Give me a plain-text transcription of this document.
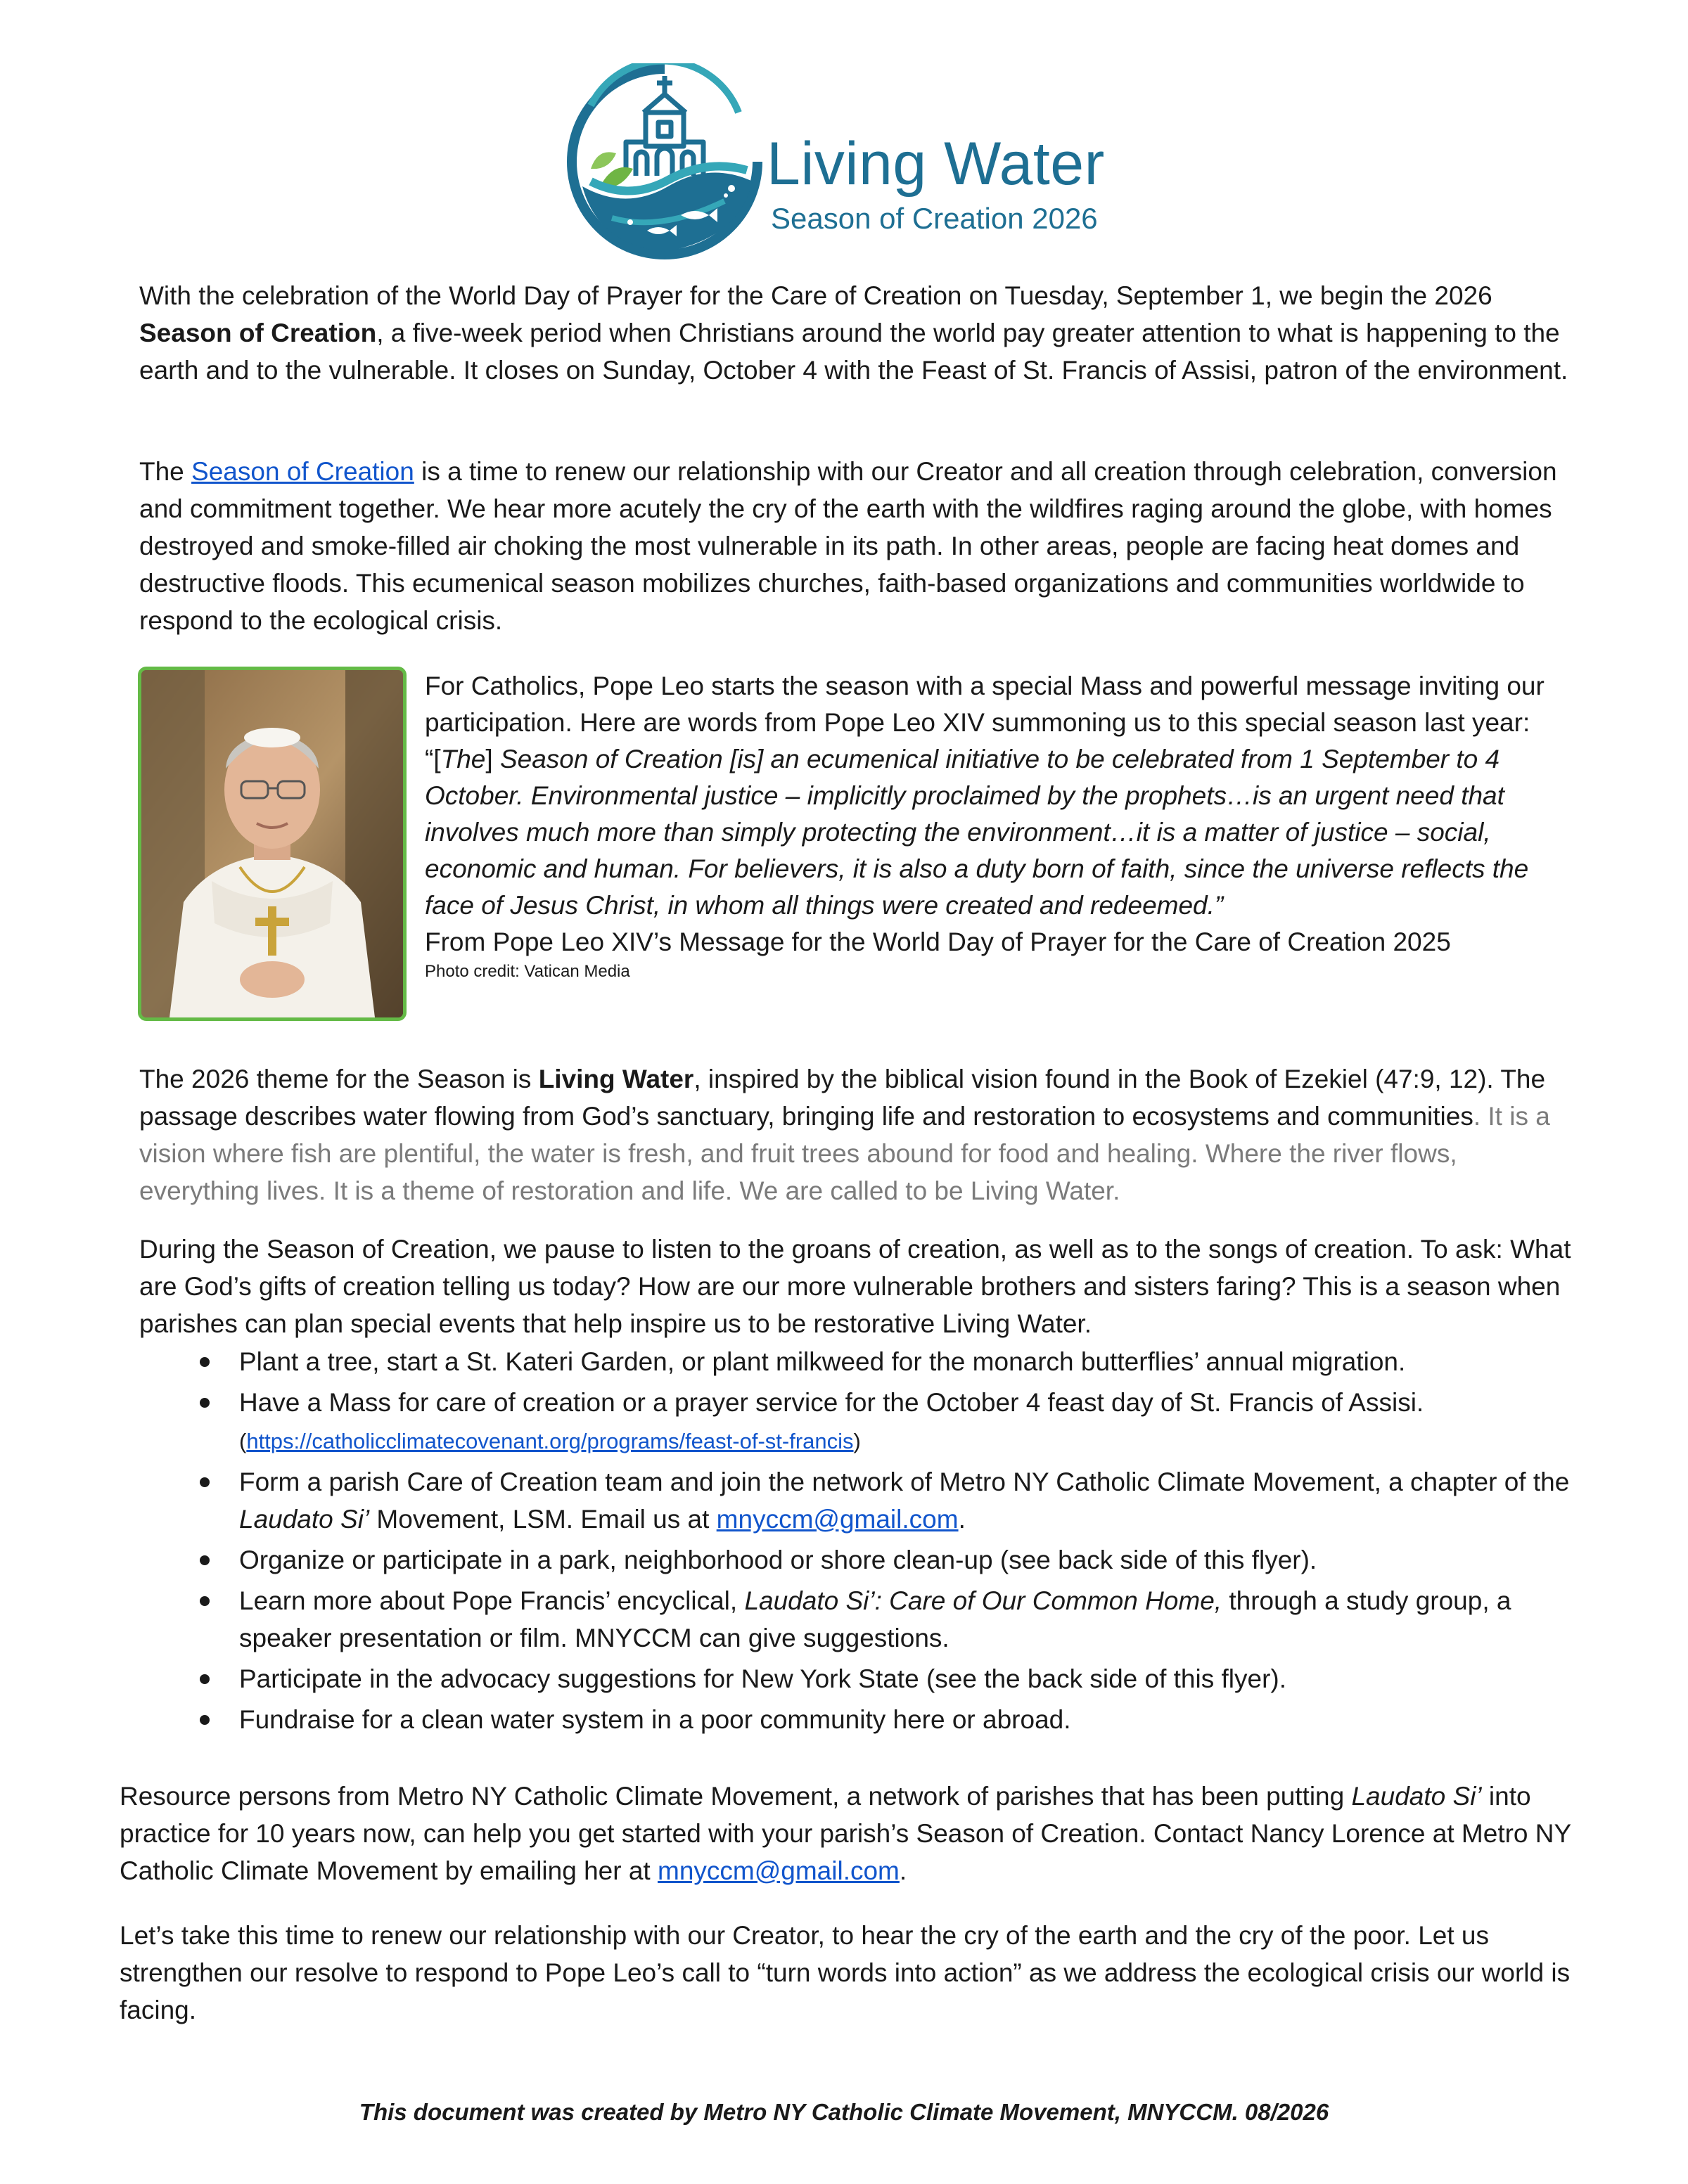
Living Water
Season of Creation 2026

With the celebration of the World Day of Prayer for the Care of Creation on Tuesday, September 1, we begin the 2026 Season of Creation, a five-week period when Christians around the world pay greater attention to what is happening to the earth and to the vulnerable. It closes on Sunday, October 4 with the Feast of St. Francis of Assisi, patron of the environment.

The Season of Creation is a time to renew our relationship with our Creator and all creation through celebration, conversion and commitment together. We hear more acutely the cry of the earth with the wildfires raging around the globe, with homes destroyed and smoke-filled air choking the most vulnerable in its path. In other areas, people are facing heat domes and destructive floods. This ecumenical season mobilizes churches, faith-based organizations and communities worldwide to respond to the ecological crisis.

For Catholics, Pope Leo starts the season with a special Mass and powerful message inviting our participation. Here are words from Pope Leo XIV summoning us to this special season last year:

“[The] Season of Creation [is] an ecumenical initiative to be celebrated from 1 September to 4 October. Environmental justice – implicitly proclaimed by the prophets…is an urgent need that involves much more than simply protecting the environment…it is a matter of justice – social, economic and human. For believers, it is also a duty born of faith, since the universe reflects the face of Jesus Christ, in whom all things were created and redeemed.”

From Pope Leo XIV’s Message for the World Day of Prayer for the Care of Creation 2025

Photo credit: Vatican Media

The 2026 theme for the Season is Living Water, inspired by the biblical vision found in the Book of Ezekiel (47:9, 12). The passage describes water flowing from God’s sanctuary, bringing life and restoration to ecosystems and communities. It is a vision where fish are plentiful, the water is fresh, and fruit trees abound for food and healing. Where the river flows, everything lives. It is a theme of restoration and life. We are called to be Living Water.

During the Season of Creation, we pause to listen to the groans of creation, as well as to the songs of creation. To ask: What are God’s gifts of creation telling us today? How are our more vulnerable brothers and sisters faring? This is a season when parishes can plan special events that help inspire us to be restorative Living Water.

Plant a tree, start a St. Kateri Garden, or plant milkweed for the monarch butterflies’ annual migration.
Have a Mass for care of creation or a prayer service for the October 4 feast day of St. Francis of Assisi.
(https://catholicclimatecovenant.org/programs/feast-of-st-francis)
Form a parish Care of Creation team and join the network of Metro NY Catholic Climate Movement, a chapter of the Laudato Si’ Movement, LSM. Email us at mnyccm@gmail.com.
Organize or participate in a park, neighborhood or shore clean-up (see back side of this flyer).
Learn more about Pope Francis’ encyclical, Laudato Si’: Care of Our Common Home, through a study group, a speaker presentation or film. MNYCCM can give suggestions.
Participate in the advocacy suggestions for New York State (see the back side of this flyer).
Fundraise for a clean water system in a poor community here or abroad.

Resource persons from Metro NY Catholic Climate Movement, a network of parishes that has been putting Laudato Si’ into practice for 10 years now, can help you get started with your parish’s Season of Creation. Contact Nancy Lorence at Metro NY Catholic Climate Movement by emailing her at mnyccm@gmail.com.

Let’s take this time to renew our relationship with our Creator, to hear the cry of the earth and the cry of the poor. Let us strengthen our resolve to respond to Pope Leo’s call to “turn words into action” as we address the ecological crisis our world is facing.

This document was created by Metro NY Catholic Climate Movement, MNYCCM. 08/2026
